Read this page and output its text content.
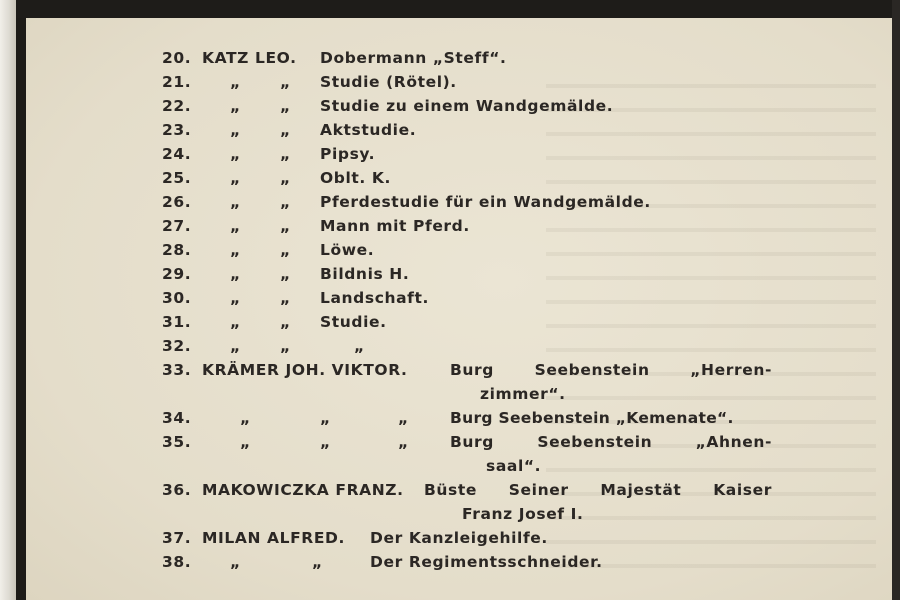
20. KATZ LEO. Dobermann „Steff“.
21. „	„ Studie (Rötel).
22. „	„ Studie zu einem Wandgemälde.
23. „	„ Aktstudie.
24. „	„ Pipsy.
25. „	„ Oblt. K.
26. „	„ Pferdestudie für ein Wandgemälde.
27. „	„ Mann mit Pferd.
28. „	„ Löwe.
29. „	„ Bildnis H.
30. „	„ Landschaft.
31. „	„ Studie.
32. „	„	„
33. KRÄMER JOH. VIKTOR.	Burg	Seebenstein	„Herren-
zimmer“.
34.	„	„	„	Burg Seebenstein „Kemenate“.
35.	„	„	„	Burg	Seebenstein	„Ahnen-
saal“.
36. MAKOWICZKA FRANZ. Büste Seiner Majestät Kaiser
Franz Josef I.
37. MILAN ALFRED. Der Kanzleigehilfe.
38. „	„	Der Regimentsschneider.
